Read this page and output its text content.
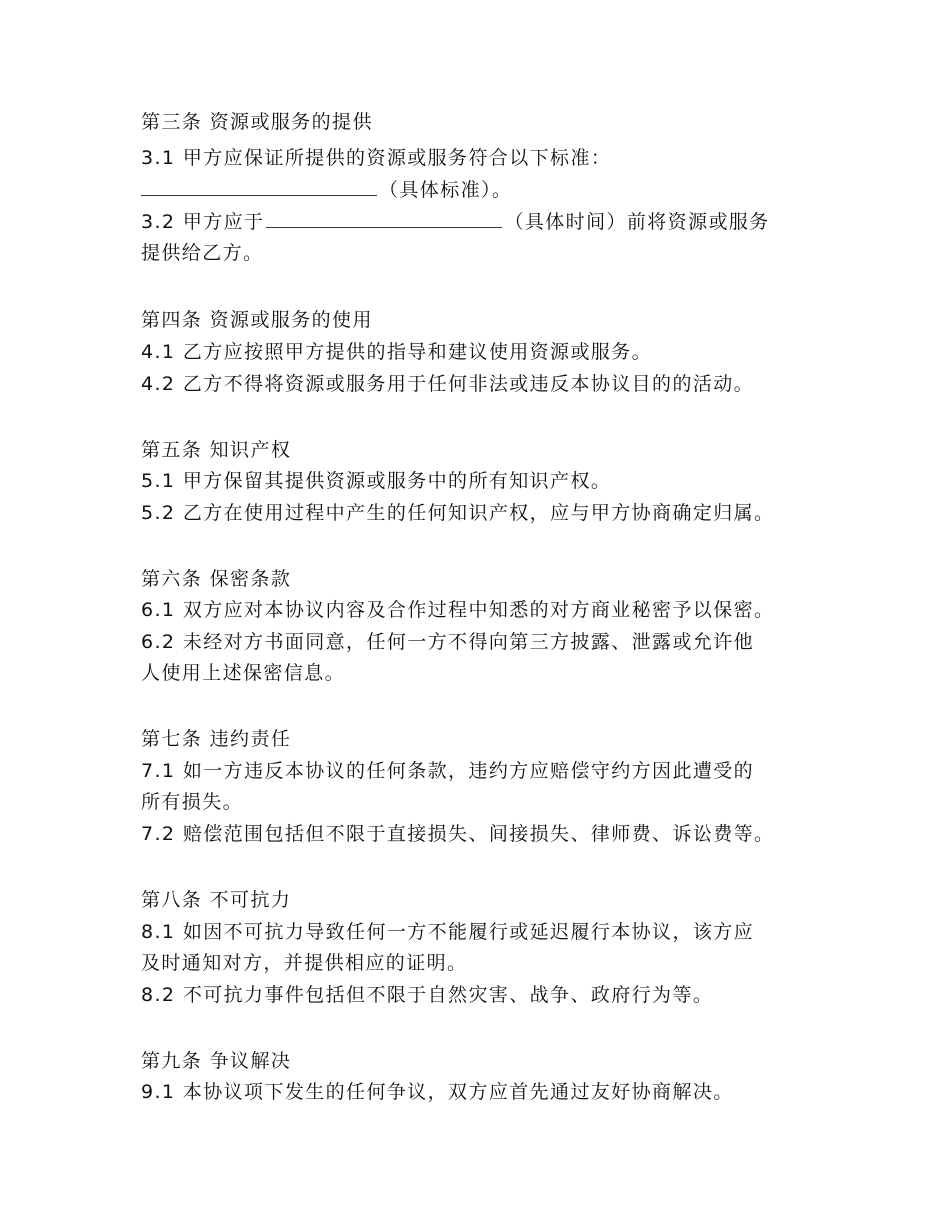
第三条 资源或服务的提供
3.1 甲方应保证所提供的资源或服务符合以下标准：
（具体标准）。
3.2 甲方应于	（具体时间）前将资源或服务
提供给乙方。
第四条 资源或服务的使用
4.1 乙方应按照甲方提供的指导和建议使用资源或服务。
4.2 乙方不得将资源或服务用于任何非法或违反本协议目的的活动。
第五条 知识产权
5.1 甲方保留其提供资源或服务中的所有知识产权。
5.2 乙方在使用过程中产生的任何知识产权，应与甲方协商确定归属。
第六条 保密条款
6.1 双方应对本协议内容及合作过程中知悉的对方商业秘密予以保密。
6.2 未经对方书面同意，任何一方不得向第三方披露、泄露或允许他
人使用上述保密信息。
第七条 违约责任
7.1 如一方违反本协议的任何条款，违约方应赔偿守约方因此遭受的
所有损失。
7.2 赔偿范围包括但不限于直接损失、间接损失、律师费、诉讼费等。
第八条 不可抗力
8.1 如因不可抗力导致任何一方不能履行或延迟履行本协议，该方应
及时通知对方，并提供相应的证明。
8.2 不可抗力事件包括但不限于自然灾害、战争、政府行为等。
第九条 争议解决
9.1 本协议项下发生的任何争议，双方应首先通过友好协商解决。
